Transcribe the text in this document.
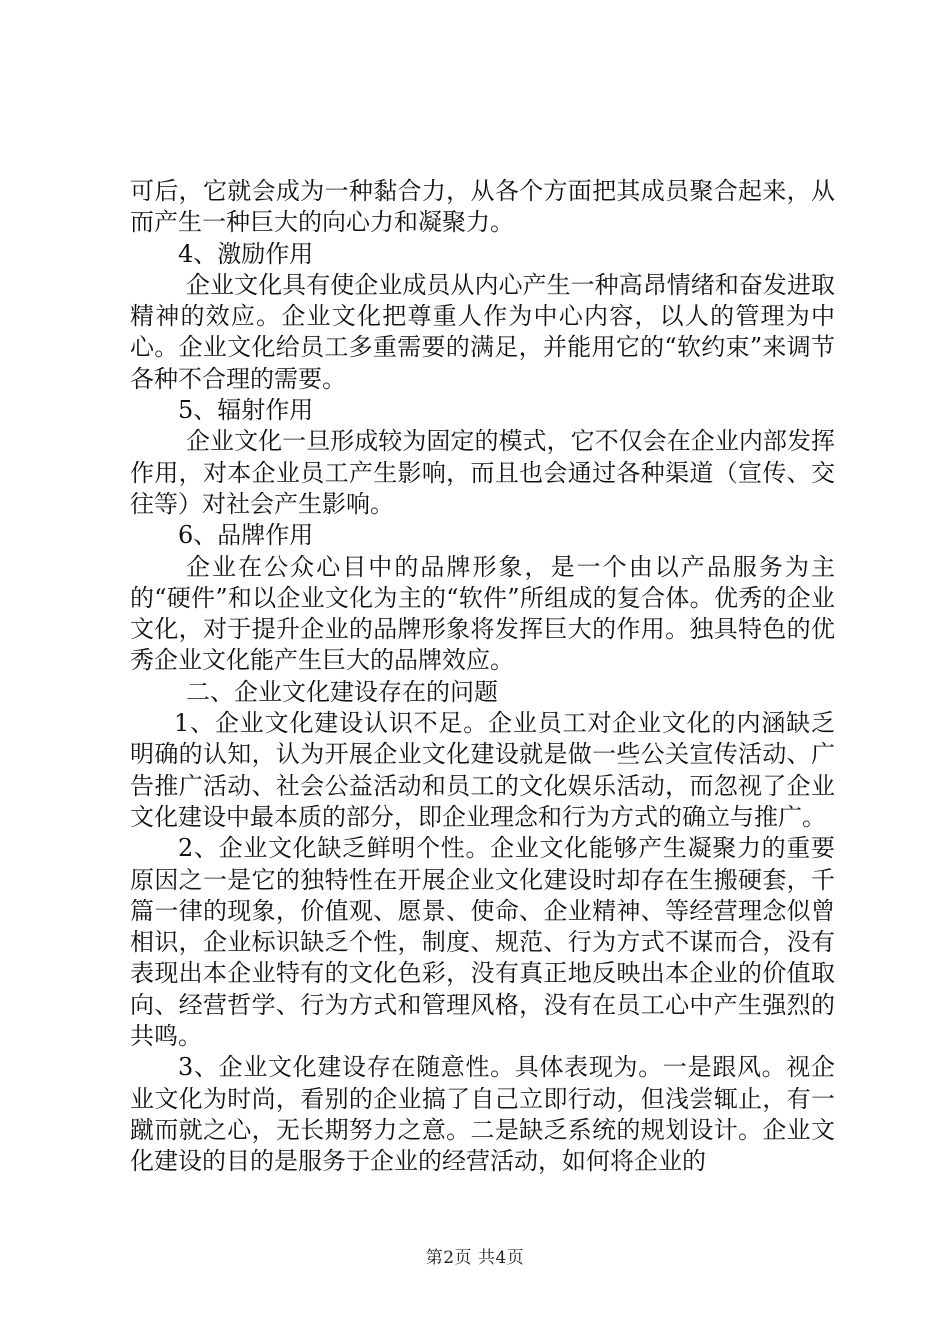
可后，它就会成为一种黏合力，从各个方面把其成员聚合起来，从而产生一种巨大的向心力和凝聚力。

4、激励作用

企业文化具有使企业成员从内心产生一种高昂情绪和奋发进取精神的效应。企业文化把尊重人作为中心内容，以人的管理为中心。企业文化给员工多重需要的满足，并能用它的“软约束”来调节各种不合理的需要。

5、辐射作用

企业文化一旦形成较为固定的模式，它不仅会在企业内部发挥作用，对本企业员工产生影响，而且也会通过各种渠道（宣传、交往等）对社会产生影响。

6、品牌作用

企业在公众心目中的品牌形象，是一个由以产品服务为主的“硬件”和以企业文化为主的“软件”所组成的复合体。优秀的企业文化，对于提升企业的品牌形象将发挥巨大的作用。独具特色的优秀企业文化能产生巨大的品牌效应。

二、企业文化建设存在的问题

1、企业文化建设认识不足。企业员工对企业文化的内涵缺乏明确的认知，认为开展企业文化建设就是做一些公关宣传活动、广告推广活动、社会公益活动和员工的文化娱乐活动，而忽视了企业文化建设中最本质的部分，即企业理念和行为方式的确立与推广。

2、企业文化缺乏鲜明个性。企业文化能够产生凝聚力的重要原因之一是它的独特性在开展企业文化建设时却存在生搬硬套，千篇一律的现象，价值观、愿景、使命、企业精神、等经营理念似曾相识，企业标识缺乏个性，制度、规范、行为方式不谋而合，没有表现出本企业特有的文化色彩，没有真正地反映出本企业的价值取向、经营哲学、行为方式和管理风格，没有在员工心中产生强烈的共鸣。

3、企业文化建设存在随意性。具体表现为。一是跟风。视企业文化为时尚，看别的企业搞了自己立即行动，但浅尝辄止，有一蹴而就之心，无长期努力之意。二是缺乏系统的规划设计。企业文化建设的目的是服务于企业的经营活动，如何将企业的

第2页 共4页
